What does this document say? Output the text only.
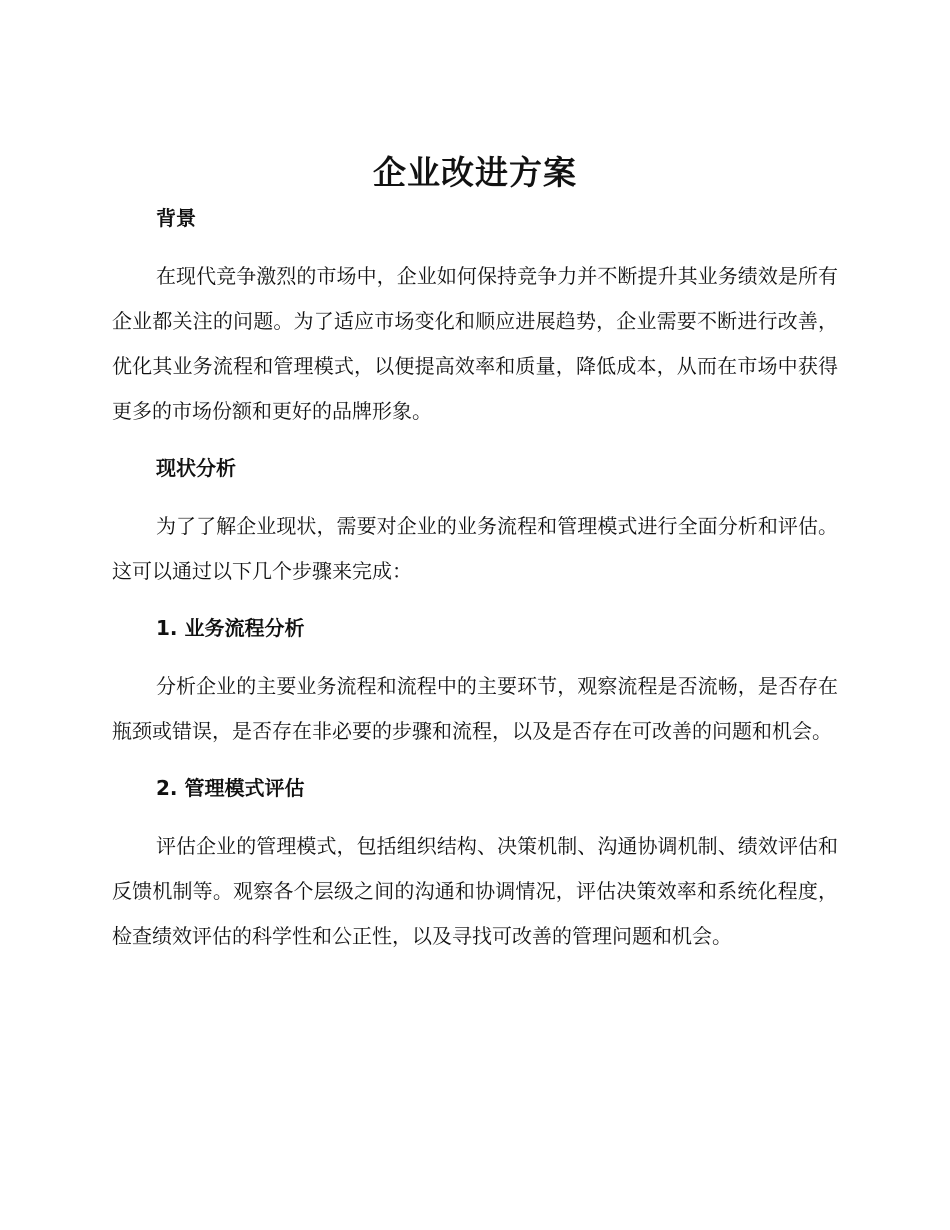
企业改进方案
背景

在现代竞争激烈的市场中，企业如何保持竞争力并不断提升其业务绩效是所有企业都关注的问题。为了适应市场变化和顺应进展趋势，企业需要不断进行改善，优化其业务流程和管理模式，以便提高效率和质量，降低成本，从而在市场中获得更多的市场份额和更好的品牌形象。

现状分析

为了了解企业现状，需要对企业的业务流程和管理模式进行全面分析和评估。这可以通过以下几个步骤来完成：

1. 业务流程分析

分析企业的主要业务流程和流程中的主要环节，观察流程是否流畅，是否存在瓶颈或错误，是否存在非必要的步骤和流程，以及是否存在可改善的问题和机会。

2. 管理模式评估

评估企业的管理模式，包括组织结构、决策机制、沟通协调机制、绩效评估和反馈机制等。观察各个层级之间的沟通和协调情况，评估决策效率和系统化程度，检查绩效评估的科学性和公正性，以及寻找可改善的管理问题和机会。
